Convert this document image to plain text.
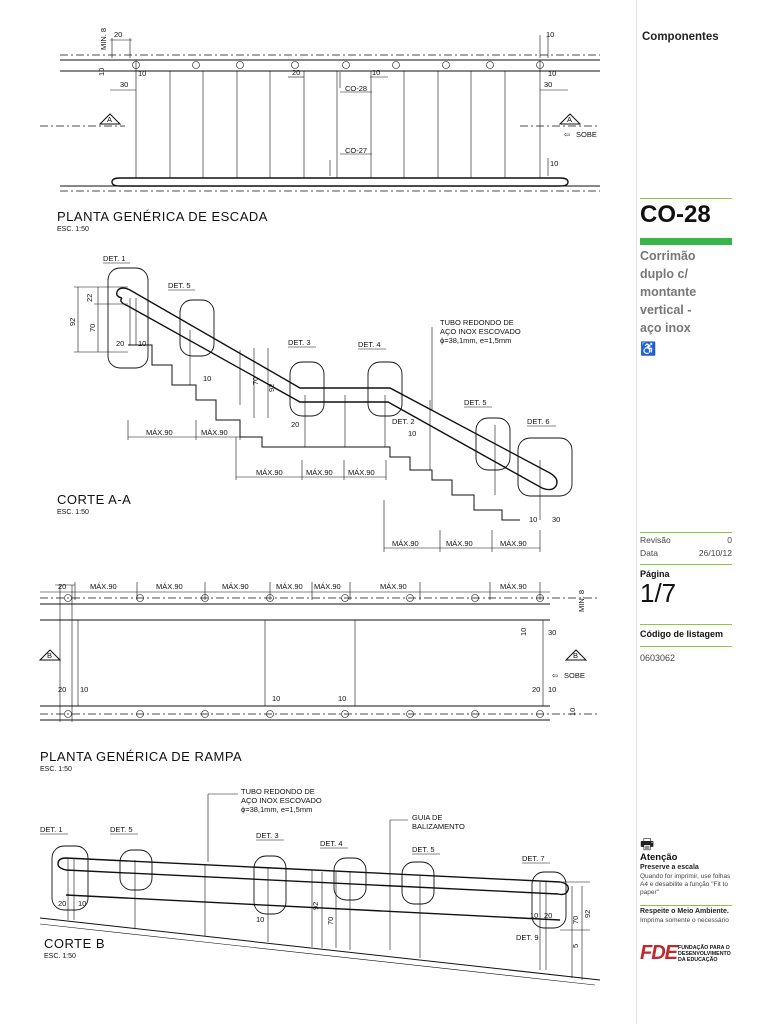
20	10
MIN. 8
10
30
10	20	10
30
10
10
CO-28
CO-27
A	A
⇦ SOBE
PLANTA GENÉRICA DE ESCADA
ESC. 1:50
DET. 1
DET. 5
DET. 3	DET. 4
DET. 2
DET. 5
DET. 6
TUBO REDONDO DE
AÇO INOX ESCOVADO
ϕ=38,1mm, e=1,5mm
22
92
70
70
92
20 10
10
20
10
10 30
MÁX.90	MÁX.90
MÁX.90	MÁX.90 MÁX.90
MÁX.90	MÁX.90	MÁX.90
CORTE A-A
ESC. 1:50
20	MÁX.90	MÁX.90	MÁX.90	MÁX.90 MÁX.90	MÁX.90	MÁX.90
MIN. 8
10	30
20 10
10	10
10
20 10
B	B
⇦ SOBE
PLANTA GENÉRICA DE RAMPA
ESC. 1:50
DET. 1	DET. 5
DET. 3
DET. 4
DET. 5
DET. 7
DET. 9
TUBO REDONDO DE
AÇO INOX ESCOVADO
ϕ=38,1mm, e=1,5mm
GUIA DE
BALIZAMENTO
20 10
10	70
92
10 20 70
92
5
CORTE B
ESC. 1:50
Componentes
CO-28
Corrimão
duplo c/
montante
vertical -
aço inox
♿
Revisão	0
Data	26/10/12
Página
1/7
Código de listagem
0603062
🖶
Atenção
Preserve a escala
Quando for imprimir, use folhas A4 e desabilite a função "Fit to paper"
Respeite o Meio Ambiente.
Imprima somente o necessário
FDE FUNDAÇÃO PARA O DESENVOLVIMENTO DA EDUCAÇÃO
